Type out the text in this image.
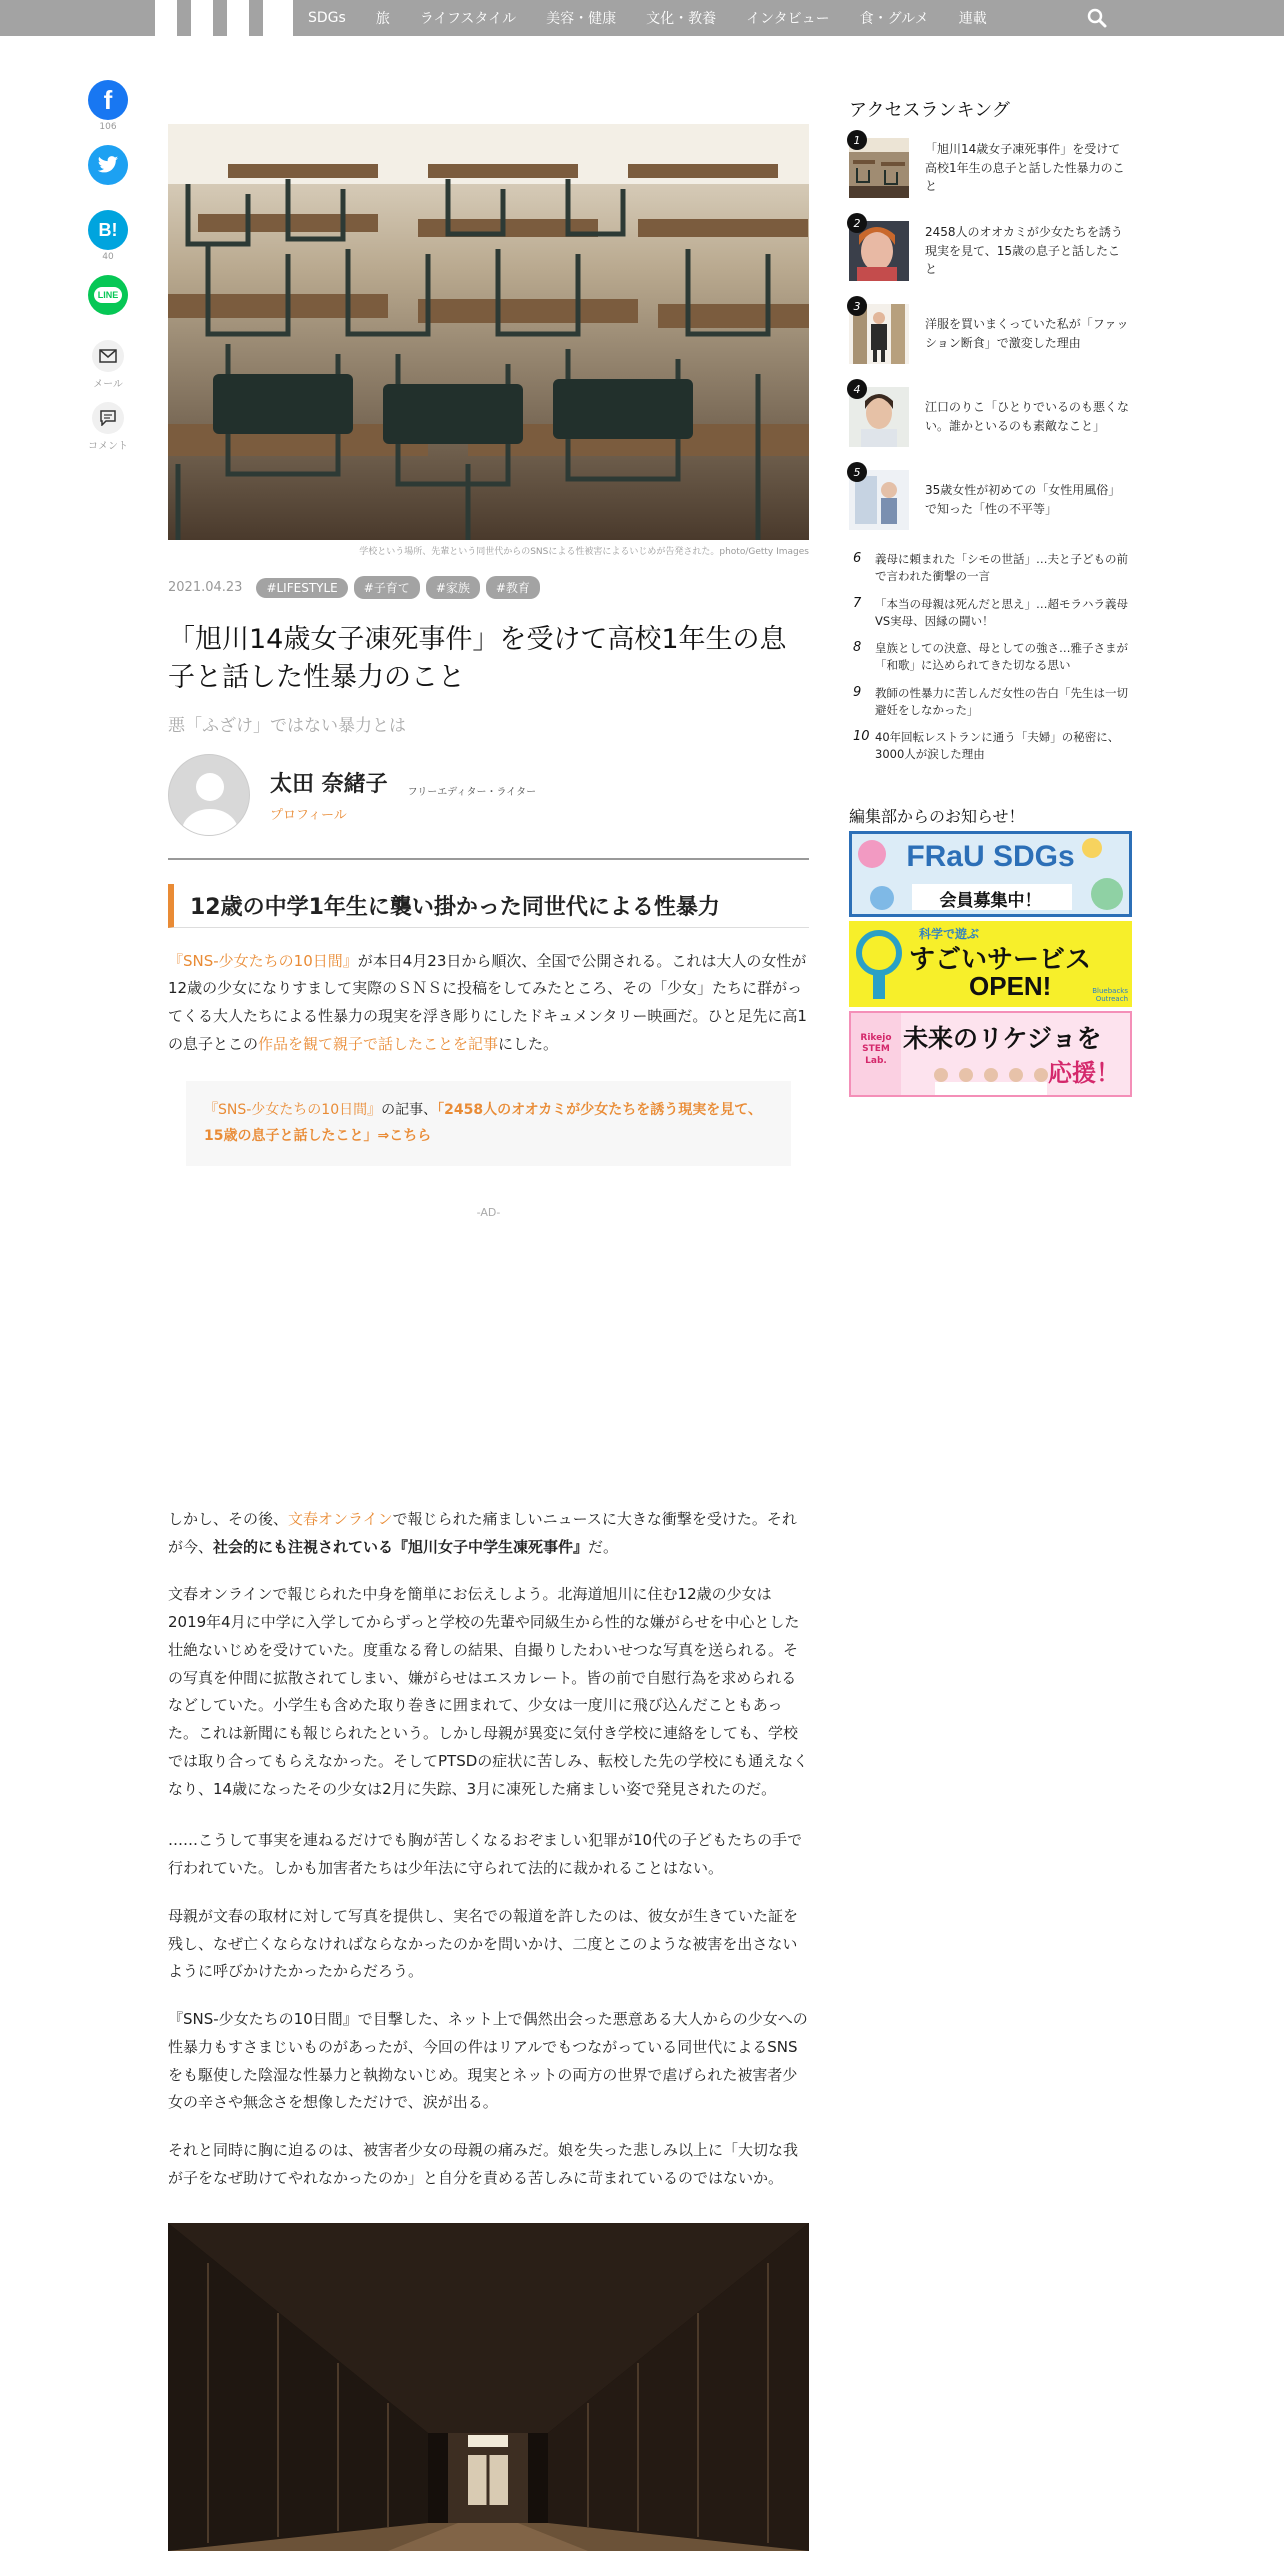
SDGs	旅	ライフスタイル	美容・健康	文化・教養	インタビュー	食・グルメ	連載
f
106
B!
40
LINE
メール
コメント
学校という場所、先輩という同世代からのSNSによる性被害によるいじめが告発された。photo/Getty Images
2021.04.23	#LIFESTYLE	#子育て	#家族	#教育
「旭川14歳女子凍死事件」を受けて高校1年生の息子と話した性暴力のこと
悪「ふざけ」ではない暴力とは
太田 奈緒子 フリーエディター・ライター
プロフィール
12歳の中学1年生に襲い掛かった同世代による性暴力

『SNS-少女たちの10日間』が本日4月23日から順次、全国で公開される。これは大人の女性が12歳の少女になりすまして実際のＳＮＳに投稿をしてみたところ、その「少女」たちに群がってくる大人たちによる性暴力の現実を浮き彫りにしたドキュメンタリー映画だ。ひと足先に高1の息子とこの作品を観て親子で話したことを記事にした。

『SNS-少女たちの10日間』の記事、「2458人のオオカミが少女たちを誘う現実を見て、15歳の息子と話したこと」⇒こちら
-AD-

しかし、その後、文春オンラインで報じられた痛ましいニュースに大きな衝撃を受けた。それが今、社会的にも注視されている『旭川女子中学生凍死事件』だ。

文春オンラインで報じられた中身を簡単にお伝えしよう。北海道旭川に住む12歳の少女は2019年4月に中学に入学してからずっと学校の先輩や同級生から性的な嫌がらせを中心とした壮絶ないじめを受けていた。度重なる脅しの結果、自撮りしたわいせつな写真を送られる。その写真を仲間に拡散されてしまい、嫌がらせはエスカレート。皆の前で自慰行為を求められるなどしていた。小学生も含めた取り巻きに囲まれて、少女は一度川に飛び込んだこともあった。これは新聞にも報じられたという。しかし母親が異変に気付き学校に連絡をしても、学校では取り合ってもらえなかった。そしてPTSDの症状に苦しみ、転校した先の学校にも通えなくなり、14歳になったその少女は2月に失踪、3月に凍死した痛ましい姿で発見されたのだ。

……こうして事実を連ねるだけでも胸が苦しくなるおぞましい犯罪が10代の子どもたちの手で行われていた。しかも加害者たちは少年法に守られて法的に裁かれることはない。

母親が文春の取材に対して写真を提供し、実名での報道を許したのは、彼女が生きていた証を残し、なぜ亡くならなければならなかったのかを問いかけ、二度とこのような被害を出さないように呼びかけたかったからだろう。

『SNS-少女たちの10日間』で目撃した、ネット上で偶然出会った悪意ある大人からの少女への性暴力もすさまじいものがあったが、今回の件はリアルでもつながっている同世代によるSNSをも駆使した陰湿な性暴力と執拗ないじめ。現実とネットの両方の世界で虐げられた被害者少女の辛さや無念さを想像しただけで、涙が出る。

それと同時に胸に迫るのは、被害者少女の母親の痛みだ。娘を失った悲しみ以上に「大切な我が子をなぜ助けてやれなかったのか」と自分を責める苦しみに苛まれているのではないか。

アクセスランキング
1
「旭川14歳女子凍死事件」を受けて高校1年生の息子と話した性暴力のこと
2
2458人のオオカミが少女たちを誘う現実を見て、15歳の息子と話したこと
3
洋服を買いまくっていた私が「ファッション断食」で激変した理由
4
江口のりこ「ひとりでいるのも悪くない。誰かといるのも素敵なこと」
5
35歳女性が初めての「女性用風俗」で知った「性の不平等」
6	義母に頼まれた「シモの世話」…夫と子どもの前で言われた衝撃の一言
7	「本当の母親は死んだと思え」…超モラハラ義母VS実母、因縁の闘い！
8	皇族としての決意、母としての強さ…雅子さまが「和歌」に込められてきた切なる思い
9	教師の性暴力に苦しんだ女性の告白「先生は一切避妊をしなかった」
10 40年回転レストランに通う「夫婦」の秘密に、3000人が涙した理由
編集部からのお知らせ！
FRaU SDGs
会員募集中！
科学で遊ぶ
すごいサービス
OPEN!	Bluebacks Outreach
Rikejo STEM Lab.
未来のリケジョを
応援！
